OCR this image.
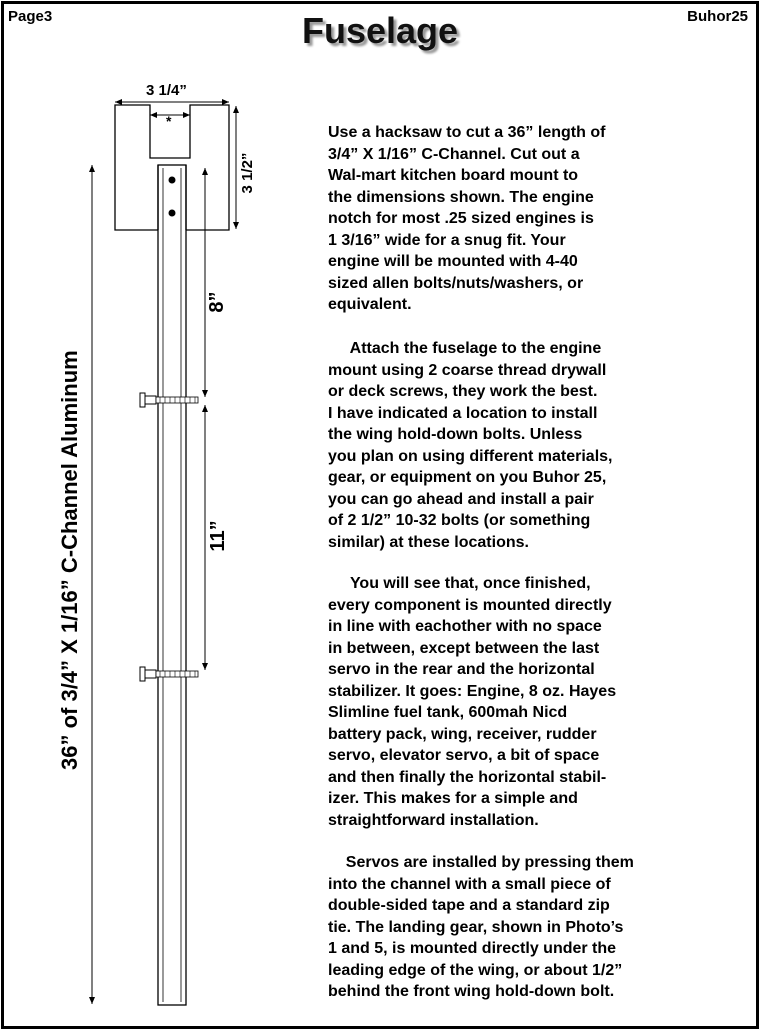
Page3	Buhor25
Fuselage
3 1/4”
*
3 1/2”
8”
11”
36” of 3/4” X 1/16” C-Channel Aluminum
Use a hacksaw to cut a 36” length of
3/4” X 1/16” C-Channel. Cut out a
Wal-mart kitchen board mount to
the dimensions shown. The engine
notch for most .25 sized engines is
1 3/16” wide for a snug fit. Your
engine will be mounted with 4-40
sized allen bolts/nuts/washers, or
equivalent.
Attach the fuselage to the engine
mount using 2 coarse thread drywall
or deck screws, they work the best.
I have indicated a location to install
the wing hold-down bolts. Unless
you plan on using different materials,
gear, or equipment on you Buhor 25,
you can go ahead and install a pair
of 2 1/2” 10-32 bolts (or something
similar) at these locations.
You will see that, once finished,
every component is mounted directly
in line with eachother with no space
in between, except between the last
servo in the rear and the horizontal
stabilizer. It goes: Engine, 8 oz. Hayes
Slimline fuel tank, 600mah Nicd
battery pack, wing, receiver, rudder
servo, elevator servo, a bit of space
and then finally the horizontal stabil-
izer. This makes for a simple and
straightforward installation.
Servos are installed by pressing them
into the channel with a small piece of
double-sided tape and a standard zip
tie. The landing gear, shown in Photo’s
1 and 5, is mounted directly under the
leading edge of the wing, or about 1/2”
behind the front wing hold-down bolt.
